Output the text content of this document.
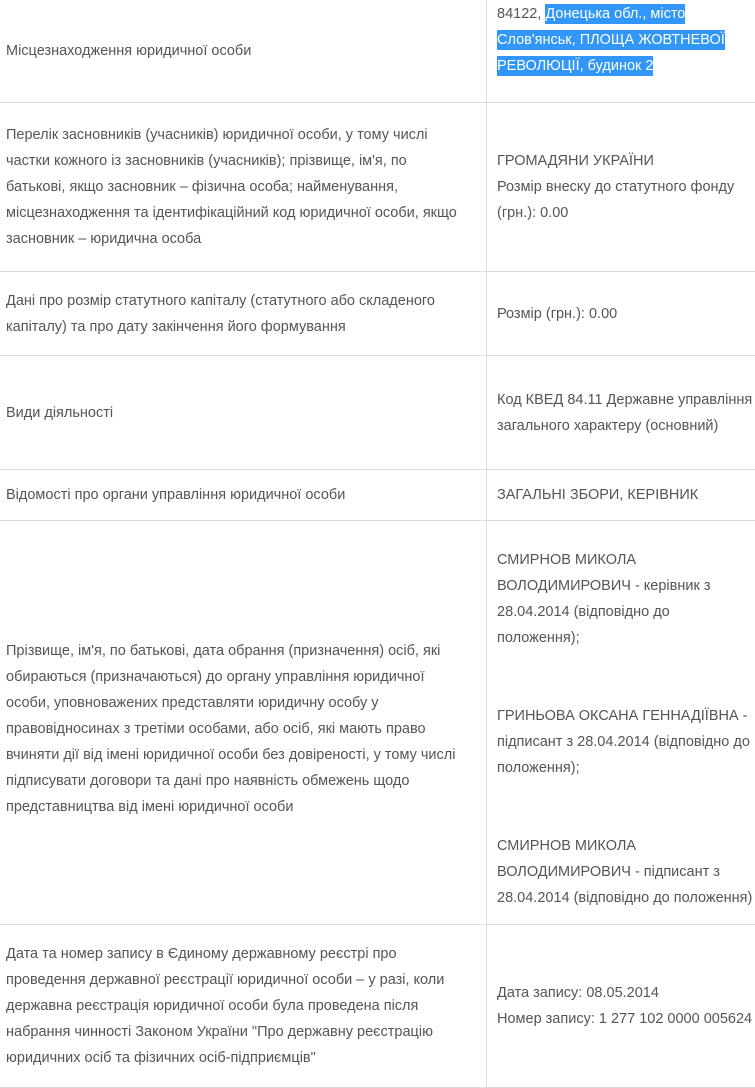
Місцезнаходження юридичної особи
84122, Донецька обл., місто Слов'янськ, ПЛОЩА ЖОВТНЕВОЇ РЕВОЛЮЦІЇ, будинок 2
Перелік засновників (учасників) юридичної особи, у тому числі частки кожного із засновників (учасників); прізвище, ім'я, по батькові, якщо засновник – фізична особа; найменування, місцезнаходження та ідентифікаційний код юридичної особи, якщо засновник – юридична особа
ГРОМАДЯНИ УКРАЇНИ
Розмір внеску до статутного фонду (грн.): 0.00
Дані про розмір статутного капіталу (статутного або складеного капіталу) та про дату закінчення його формування
Розмір (грн.): 0.00
Види діяльності
Код КВЕД 84.11 Державне управління загального характеру (основний)
Відомості про органи управління юридичної особи	ЗАГАЛЬНІ ЗБОРИ, КЕРІВНИК
Прізвище, ім'я, по батькові, дата обрання (призначення) осіб, які обираються (призначаються) до органу управління юридичної особи, уповноважених представляти юридичну особу у правовідносинах з третіми особами, або осіб, які мають право вчиняти дії від імені юридичної особи без довіреності, у тому числі підписувати договори та дані про наявність обмежень щодо представництва від імені юридичної особи

СМИРНОВ МИКОЛА ВОЛОДИМИРОВИЧ - керівник з 28.04.2014 (відповідно до положення);

ГРИНЬОВА ОКСАНА ГЕННАДІЇВНА - підписант з 28.04.2014 (відповідно до положення);

СМИРНОВ МИКОЛА ВОЛОДИМИРОВИЧ - підписант з 28.04.2014 (відповідно до положення)

Дата та номер запису в Єдиному державному реєстрі про проведення державної реєстрації юридичної особи – у разі, коли державна реєстрація юридичної особи була проведена після набрання чинності Законом України "Про державну реєстрацію юридичних осіб та фізичних осіб-підприємців"
Дата запису: 08.05.2014
Номер запису: 1 277 102 0000 005624
